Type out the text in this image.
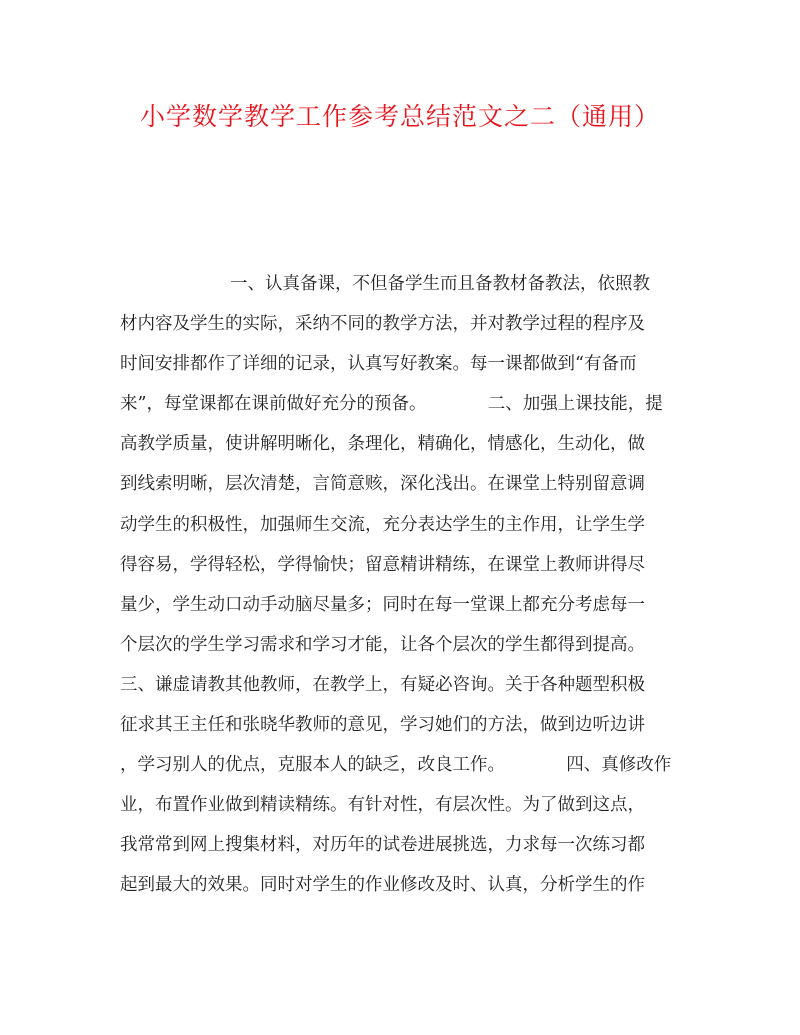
小学数学教学工作参考总结范文之二（通用）
一、认真备课，不但备学生而且备教材备教法，依照教
材内容及学生的实际，采纳不同的教学方法，并对教学过程的程序及
时间安排都作了详细的记录，认真写好教案。每一课都做到“有备而
来”，每堂课都在课前做好充分的预备。　　　　二、加强上课技能，提
高教学质量，使讲解明晰化，条理化，精确化，情感化，生动化，做
到线索明晰，层次清楚，言简意赅，深化浅出。在课堂上特别留意调
动学生的积极性，加强师生交流，充分表达学生的主作用，让学生学
得容易，学得轻松，学得愉快；留意精讲精练，在课堂上教师讲得尽
量少，学生动口动手动脑尽量多；同时在每一堂课上都充分考虑每一
个层次的学生学习需求和学习才能，让各个层次的学生都得到提高。
三、谦虚请教其他教师，在教学上，有疑必咨询。关于各种题型积极
征求其王主任和张晓华教师的意见，学习她们的方法，做到边听边讲
，学习别人的优点，克服本人的缺乏，改良工作。　　　　四、真修改作
业，布置作业做到精读精练。有针对性，有层次性。为了做到这点，
我常常到网上搜集材料，对历年的试卷进展挑选，力求每一次练习都
起到最大的效果。同时对学生的作业修改及时、认真，分析学生的作
